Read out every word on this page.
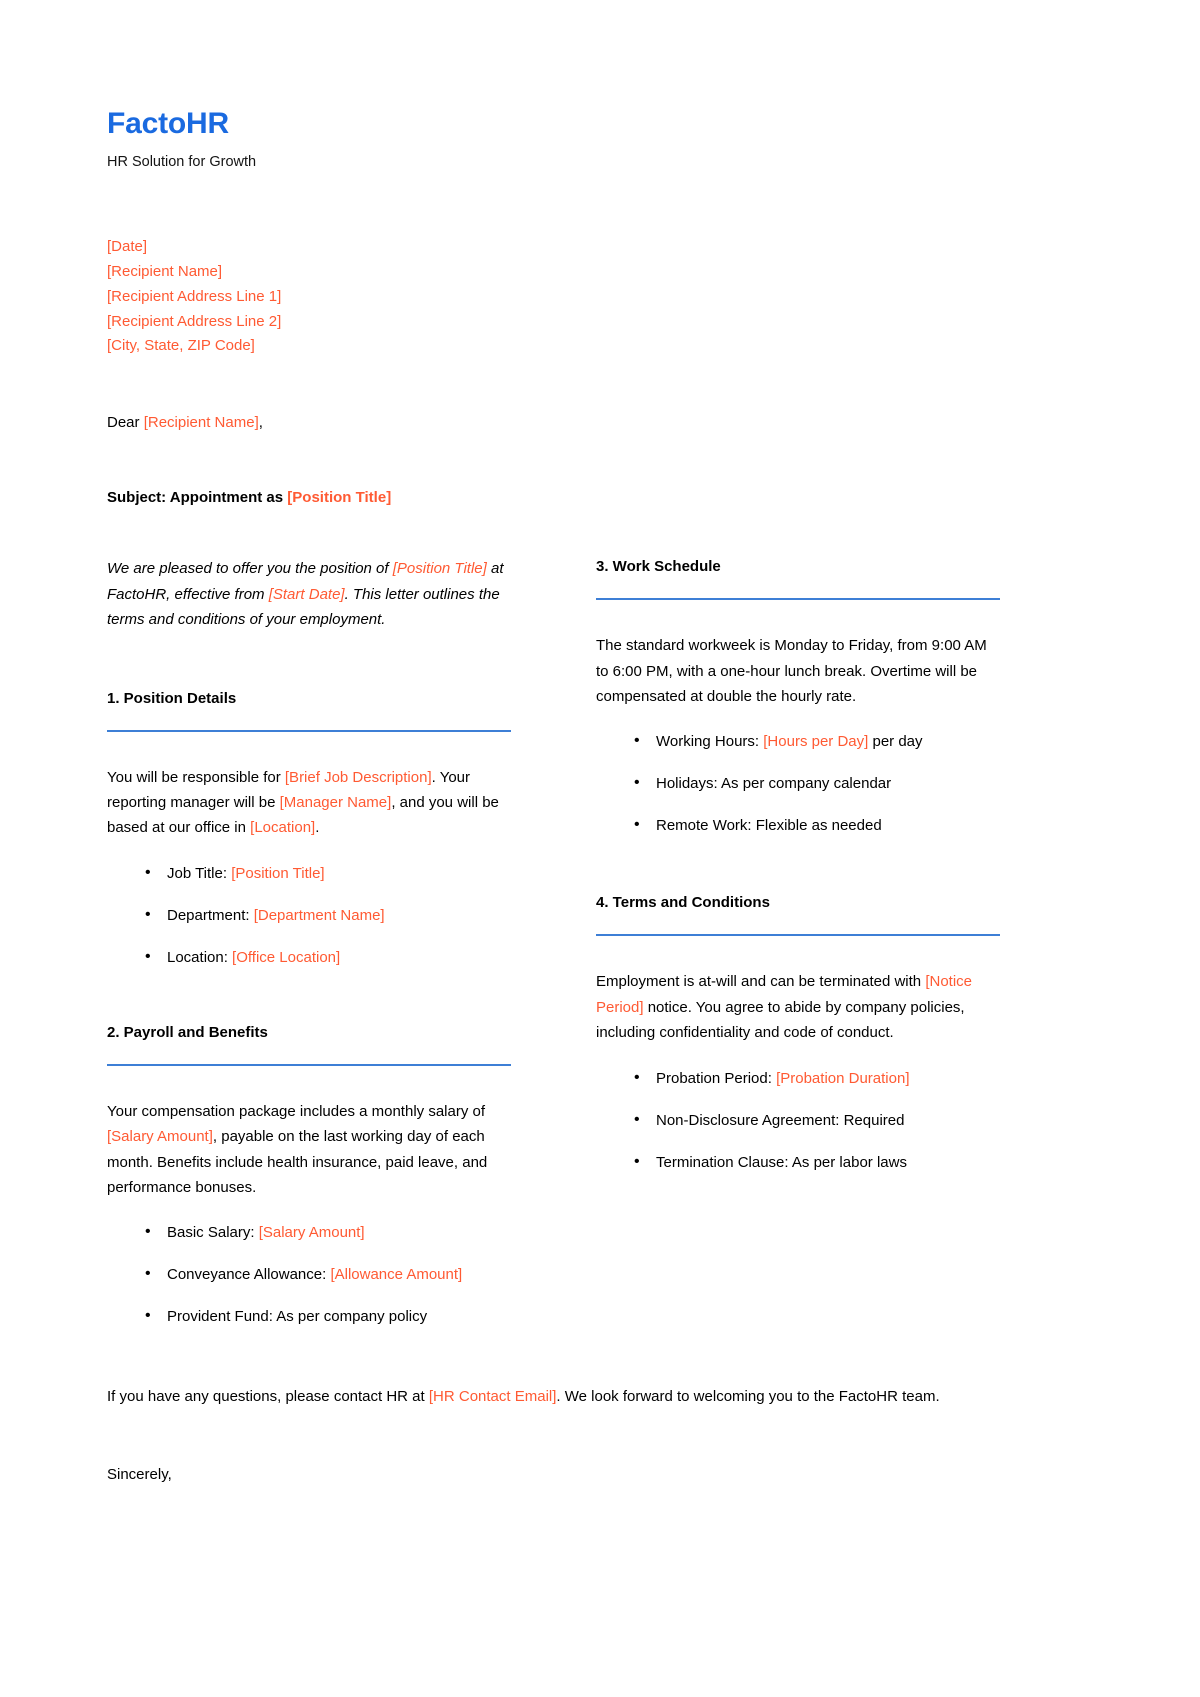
FactoHR
HR Solution for Growth
[Date]
[Recipient Name]
[Recipient Address Line 1]
[Recipient Address Line 2]
[City, State, ZIP Code]
Dear [Recipient Name],
Subject: Appointment as [Position Title]

We are pleased to offer you the position of [Position Title] at FactoHR, effective from [Start Date]. This letter outlines the terms and conditions of your employment.

1. Position Details

You will be responsible for [Brief Job Description]. Your reporting manager will be [Manager Name], and you will be based at our office in [Location].

• Job Title: [Position Title]
• Department: [Department Name]
• Location: [Office Location]
2. Payroll and Benefits

Your compensation package includes a monthly salary of [Salary Amount], payable on the last working day of each month. Benefits include health insurance, paid leave, and performance bonuses.

• Basic Salary: [Salary Amount]
• Conveyance Allowance: [Allowance Amount]
• Provident Fund: As per company policy
3. Work Schedule

The standard workweek is Monday to Friday, from 9:00 AM to 6:00 PM, with a one-hour lunch break. Overtime will be compensated at double the hourly rate.

• Working Hours: [Hours per Day] per day
• Holidays: As per company calendar
• Remote Work: Flexible as needed
4. Terms and Conditions

Employment is at-will and can be terminated with [Notice Period] notice. You agree to abide by company policies, including confidentiality and code of conduct.

• Probation Period: [Probation Duration]
• Non-Disclosure Agreement: Required
• Termination Clause: As per labor laws

If you have any questions, please contact HR at [HR Contact Email]. We look forward to welcoming you to the FactoHR team.

Sincerely,
